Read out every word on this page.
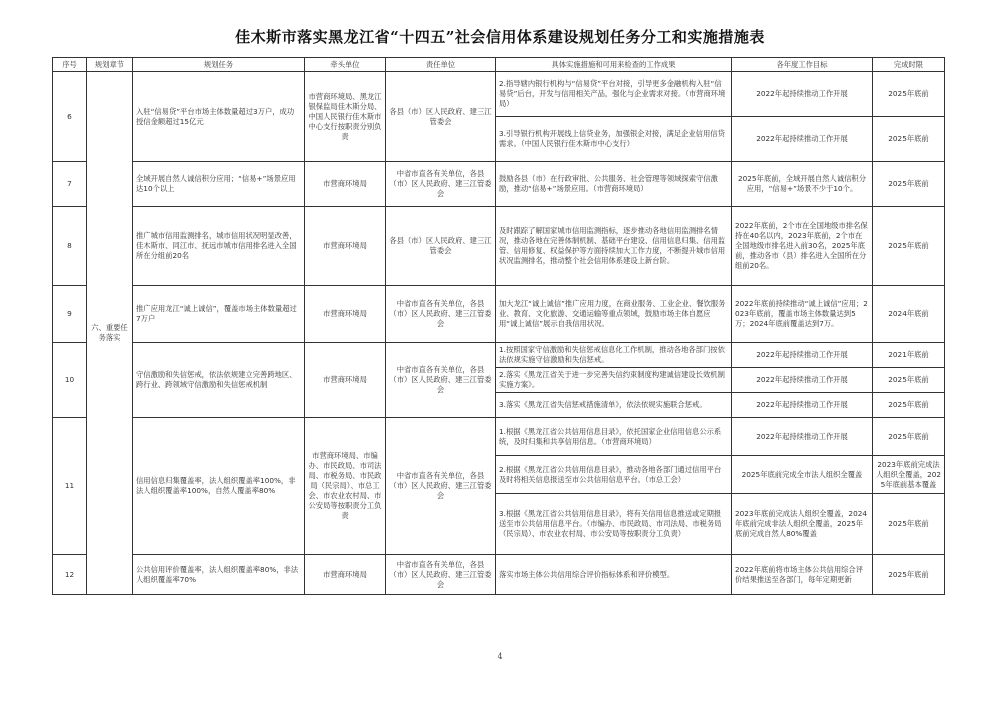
佳木斯市落实黑龙江省“十四五”社会信用体系建设规划任务分工和实施措施表
序号	规划章节	规划任务	牵头单位	责任单位	具体实施措施和可用来检查的工作成果	各年度工作目标	完成时限
6	六、重要任务落实	入驻“信易贷”平台市场主体数量超过3万户，成功授信金额超过15亿元	市营商环境局、黑龙江银保监局佳木斯分局、中国人民银行佳木斯市中心支行按职责分别负责	各县（市）区人民政府、建三江管委会	2.指导辖内银行机构与“信易贷”平台对接，引导更多金融机构入驻“信易贷”后台，开发与信用相关产品，强化与企业需求对接。（市营商环境局）	2022年起持续推动工作开展	2025年底前
					3.引导银行机构开展线上信贷业务，加强银企对接，满足企业信用信贷需求。（中国人民银行佳木斯市中心支行）	2022年起持续推动工作开展	2025年底前
7		全域开展自然人诚信积分应用；“信易+”场景应用达10个以上	市营商环境局	中省市直各有关单位，各县（市）区人民政府、建三江管委会	鼓励各县（市）在行政审批、公共服务、社会管理等领域探索守信激励，推动“信易+”场景应用。（市营商环境局）	2025年底前，全域开展自然人诚信积分应用，“信易+”场景不少于10个。	2025年底前
8		推广城市信用监测排名，城市信用状况明显改善，佳木斯市、同江市、抚远市城市信用排名进入全国所在分组前20名	市营商环境局	各县（市）区人民政府、建三江管委会	及时跟踪了解国家城市信用监测指标，逐步推动各地信用监测排名情况，推动各地在完善体制机制、基础平台建设、信用信息归集、信用监管、信用修复、权益保护等方面持续加大工作力度，不断提升城市信用状况监测排名，推动整个社会信用体系建设上新台阶。	2022年底前，2个市在全国地级市排名保持在40名以内，2023年底前，2个市在全国地级市排名进入前30名，2025年底前，推动各市（县）排名进入全国所在分组前20名。	2025年底前
9		推广应用龙江“诚上诚信”，覆盖市场主体数量超过7万户	市营商环境局	中省市直各有关单位，各县（市）区人民政府、建三江管委会	加大龙江“诚上诚信”推广应用力度，在商业服务、工业企业、餐饮服务业、教育、文化旅游、交通运输等重点领域，鼓励市场主体自愿应用“诚上诚信”展示自我信用状况。	2022年底前持续推动“诚上诚信”应用；2023年底前，覆盖市场主体数量达到5万；2024年底前覆盖达到7万。	2024年底前
10		守信激励和失信惩戒，依法依规建立完善跨地区、跨行业、跨领域守信激励和失信惩戒机制	市营商环境局	中省市直各有关单位，各县（市）区人民政府、建三江管委会	1.按照国家守信激励和失信惩戒信息化工作机制，推动各地各部门按依法依规实施守信激励和失信惩戒。	2022年起持续推动工作开展	2021年底前
					2.落实《黑龙江省关于进一步完善失信约束制度构建诚信建设长效机制实施方案》。	2022年起持续推动工作开展	2025年底前
					3.落实《黑龙江省失信惩戒措施清单》，依法依规实施联合惩戒。	2022年起持续推动工作开展	2025年底前
11		信用信息归集覆盖率，法人组织覆盖率100%，非法人组织覆盖率100%，自然人覆盖率80%	市营商环境局、市编办、市民政局、市司法局、市税务局、市民政局（民宗局）、市总工会、市农业农村局、市公安局等按职责分工负责	中省市直各有关单位，各县（市）区人民政府、建三江管委会	1.根据《黑龙江省公共信用信息目录》，依托国家企业信用信息公示系统，及时归集和共享信用信息。（市营商环境局）	2022年起持续推动工作开展	2025年底前
					2.根据《黑龙江省公共信用信息目录》，推动各地各部门通过信用平台及时将相关信息报送至市公共信用信息平台。（市总工会）	2025年底前完成全市法人组织全覆盖	2023年底前完成法人组织全覆盖，2025年底前基本覆盖
					3.根据《黑龙江省公共信用信息目录》，将有关信用信息推送或定期报送至市公共信用信息平台。（市编办、市民政局、市司法局、市税务局（民宗局）、市农业农村局、市公安局等按职责分工负责）	2023年底前完成法人组织全覆盖，2024年底前完成非法人组织全覆盖，2025年底前完成自然人80%覆盖	2025年底前
12		公共信用评价覆盖率，法人组织覆盖率80%，非法人组织覆盖率70%	市营商环境局	中省市直各有关单位，各县（市）区人民政府、建三江管委会	落实市场主体公共信用综合评价指标体系和评价模型。	2022年底前将市场主体公共信用综合评价结果推送至各部门，每年定期更新	2025年底前
4
